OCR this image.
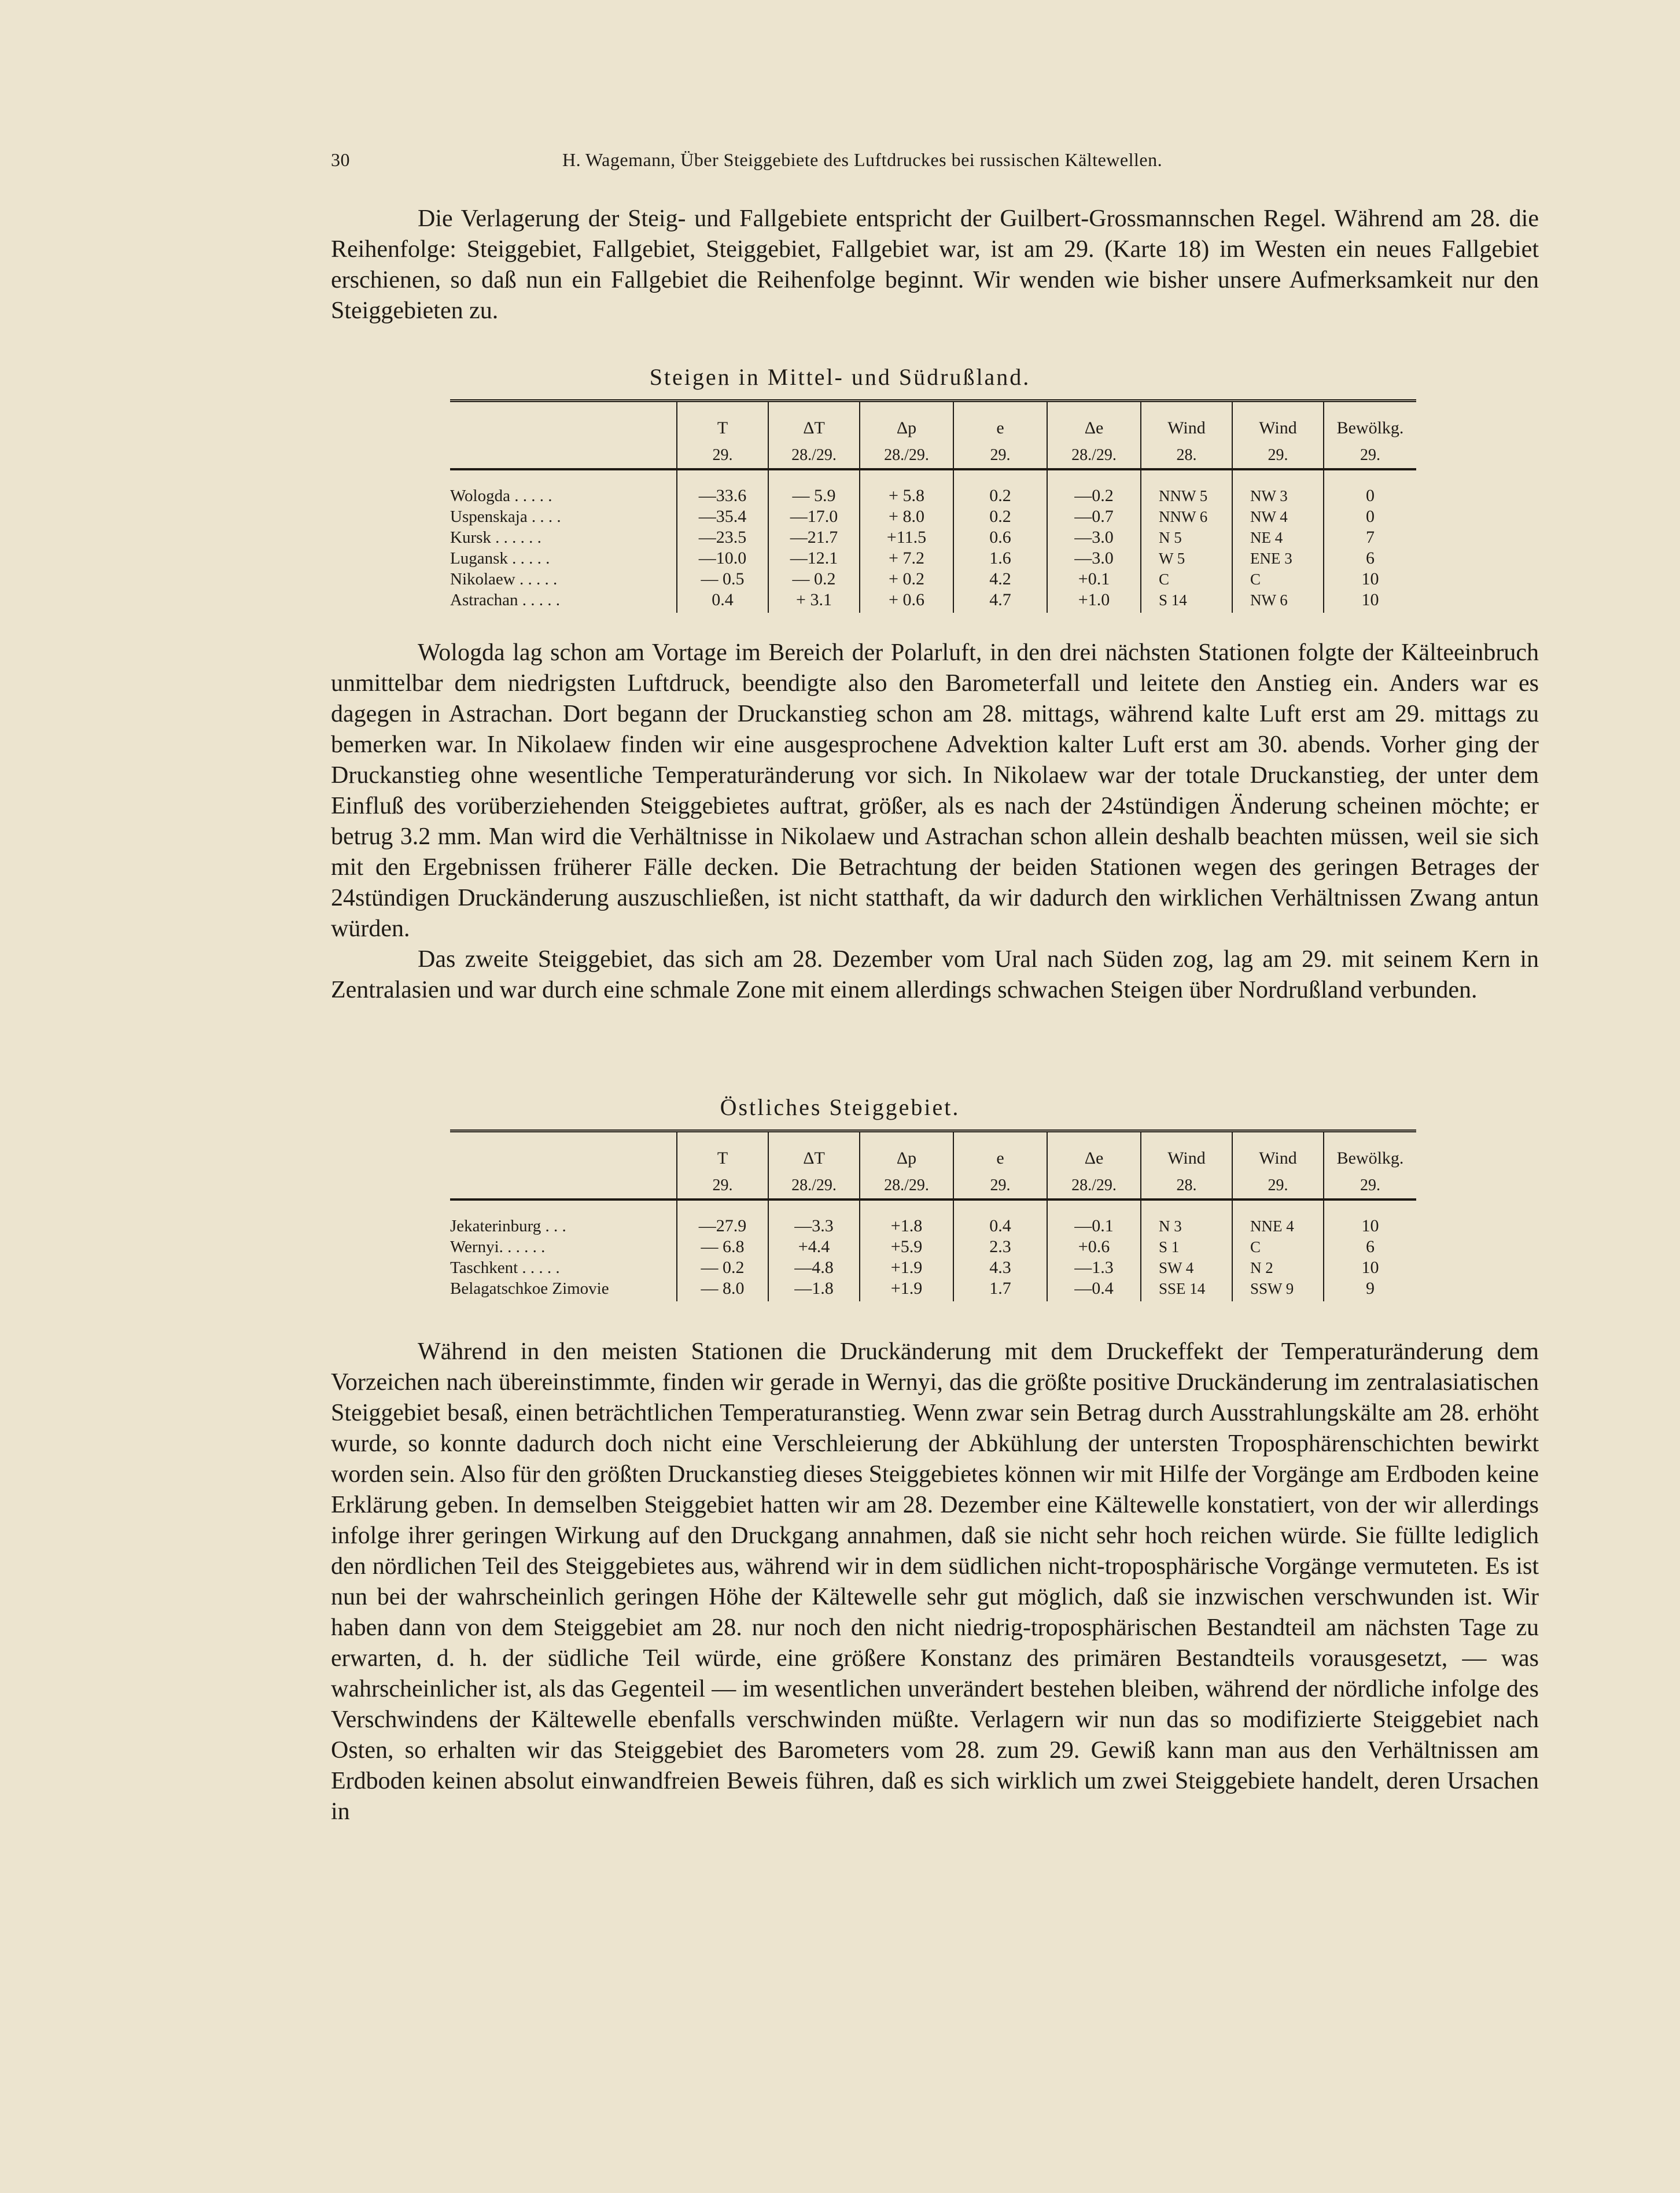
30	H. Wagemann, Über Steiggebiete des Luftdruckes bei russischen Kältewellen.

Die Verlagerung der Steig- und Fallgebiete entspricht der Guilbert-Grossmannschen Regel. Während am 28. die Reihenfolge: Steiggebiet, Fallgebiet, Steiggebiet, Fallgebiet war, ist am 29. (Karte 18) im Westen ein neues Fallgebiet erschienen, so daß nun ein Fallgebiet die Reihenfolge beginnt. Wir wenden wie bisher unsere Aufmerksamkeit nur den Steiggebieten zu.

Steigen in Mittel- und Südrußland.
	T	ΔT	Δp	e	Δe	Wind	Wind	Bewölkg.
	29.	28./29.	28./29.	29.	28./29.	28.	29.	29.

Wologda . . . . .	—33.6	— 5.9	+ 5.8	0.2	—0.2	NNW 5	NW 3	0
Uspenskaja . . . .	—35.4	—17.0	+ 8.0	0.2	—0.7	NNW 6	NW 4	0
Kursk . . . . . .	—23.5	—21.7	+11.5	0.6	—3.0	N 5	NE 4	7
Lugansk . . . . .	—10.0	—12.1	+ 7.2	1.6	—3.0	W 5	ENE 3	6
Nikolaew . . . . .	— 0.5	— 0.2	+ 0.2	4.2	+0.1	C	C	10
Astrachan . . . . .	0.4	+ 3.1	+ 0.6	4.7	+1.0	S 14	NW 6	10

Wologda lag schon am Vortage im Bereich der Polarluft, in den drei nächsten Stationen folgte der Kälteeinbruch unmittelbar dem niedrigsten Luftdruck, beendigte also den Barometerfall und leitete den Anstieg ein. Anders war es dagegen in Astrachan. Dort begann der Druckanstieg schon am 28. mittags, während kalte Luft erst am 29. mittags zu bemerken war. In Nikolaew finden wir eine ausgesprochene Advektion kalter Luft erst am 30. abends. Vorher ging der Druckanstieg ohne wesentliche Temperaturänderung vor sich. In Nikolaew war der totale Druckanstieg, der unter dem Einfluß des vorüberziehenden Steiggebietes auftrat, größer, als es nach der 24stündigen Änderung scheinen möchte; er betrug 3.2 mm. Man wird die Verhältnisse in Nikolaew und Astrachan schon allein deshalb beachten müssen, weil sie sich mit den Ergebnissen früherer Fälle decken. Die Betrachtung der beiden Stationen wegen des geringen Betrages der 24stündigen Druckänderung auszuschließen, ist nicht statthaft, da wir dadurch den wirklichen Verhältnissen Zwang antun würden.

Das zweite Steiggebiet, das sich am 28. Dezember vom Ural nach Süden zog, lag am 29. mit seinem Kern in Zentralasien und war durch eine schmale Zone mit einem allerdings schwachen Steigen über Nordrußland verbunden.

Östliches Steiggebiet.
	T	ΔT	Δp	e	Δe	Wind	Wind	Bewölkg.
	29.	28./29.	28./29.	29.	28./29.	28.	29.	29.

Jekaterinburg . . .	—27.9	—3.3	+1.8	0.4	—0.1	N 3	NNE 4	10
Wernyi. . . . . .	— 6.8	+4.4	+5.9	2.3	+0.6	S 1	C	6
Taschkent . . . . .	— 0.2	—4.8	+1.9	4.3	—1.3	SW 4	N 2	10
Belagatschkoe Zimovie	— 8.0	—1.8	+1.9	1.7	—0.4	SSE 14	SSW 9	9

Während in den meisten Stationen die Druckänderung mit dem Druckeffekt der Temperaturänderung dem Vorzeichen nach übereinstimmte, finden wir gerade in Wernyi, das die größte positive Druckänderung im zentralasiatischen Steiggebiet besaß, einen beträchtlichen Temperaturanstieg. Wenn zwar sein Betrag durch Ausstrahlungskälte am 28. erhöht wurde, so konnte dadurch doch nicht eine Verschleierung der Abkühlung der untersten Troposphärenschichten bewirkt worden sein. Also für den größten Druckanstieg dieses Steiggebietes können wir mit Hilfe der Vorgänge am Erdboden keine Erklärung geben. In demselben Steiggebiet hatten wir am 28. Dezember eine Kältewelle konstatiert, von der wir allerdings infolge ihrer geringen Wirkung auf den Druckgang annahmen, daß sie nicht sehr hoch reichen würde. Sie füllte lediglich den nördlichen Teil des Steiggebietes aus, während wir in dem südlichen nicht-troposphärische Vorgänge vermuteten. Es ist nun bei der wahrscheinlich geringen Höhe der Kältewelle sehr gut möglich, daß sie inzwischen verschwunden ist. Wir haben dann von dem Steiggebiet am 28. nur noch den nicht niedrig-troposphärischen Bestandteil am nächsten Tage zu erwarten, d. h. der südliche Teil würde, eine größere Konstanz des primären Bestandteils vorausgesetzt, — was wahrscheinlicher ist, als das Gegenteil — im wesentlichen unverändert bestehen bleiben, während der nördliche infolge des Verschwindens der Kältewelle ebenfalls verschwinden müßte. Verlagern wir nun das so modifizierte Steiggebiet nach Osten, so erhalten wir das Steiggebiet des Barometers vom 28. zum 29. Gewiß kann man aus den Verhältnissen am Erdboden keinen absolut einwandfreien Beweis führen, daß es sich wirklich um zwei Steiggebiete handelt, deren Ursachen in
